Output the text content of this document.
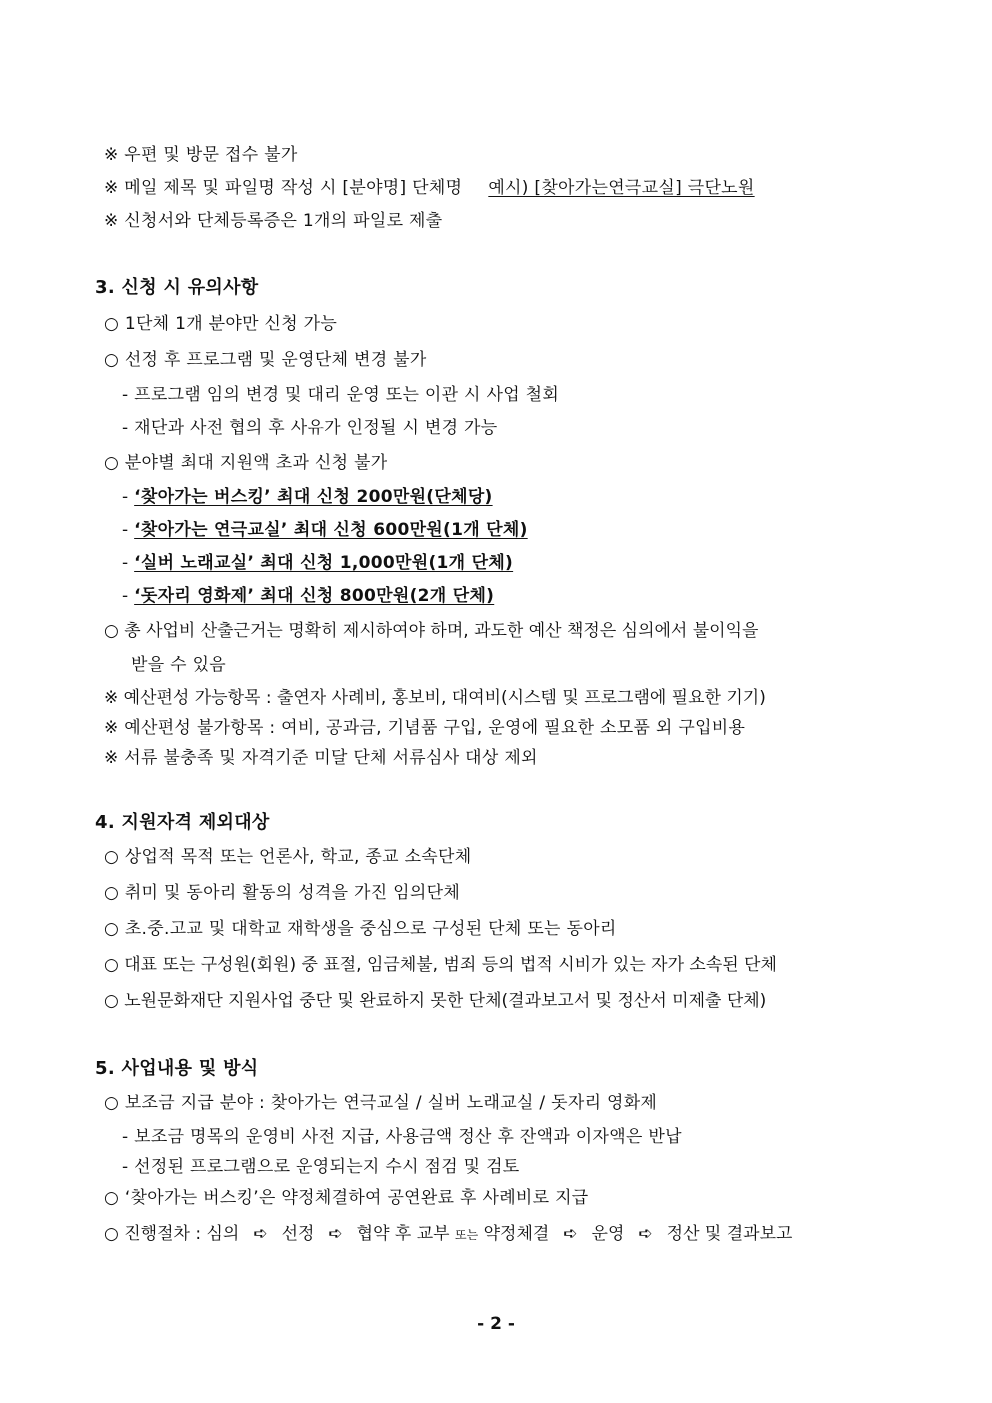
※ 우편 및 방문 접수 불가
※ 메일 제목 및 파일명 작성 시 [분야명] 단체명 예시) [찾아가는연극교실] 극단노원
※ 신청서와 단체등록증은 1개의 파일로 제출
3. 신청 시 유의사항
○ 1단체 1개 분야만 신청 가능
○ 선정 후 프로그램 및 운영단체 변경 불가
- 프로그램 임의 변경 및 대리 운영 또는 이관 시 사업 철회
- 재단과 사전 협의 후 사유가 인정될 시 변경 가능
○ 분야별 최대 지원액 초과 신청 불가
- ‘찾아가는 버스킹’ 최대 신청 200만원(단체당)
- ‘찾아가는 연극교실’ 최대 신청 600만원(1개 단체)
- ‘실버 노래교실’ 최대 신청 1,000만원(1개 단체)
- ‘돗자리 영화제’ 최대 신청 800만원(2개 단체)
○ 총 사업비 산출근거는 명확히 제시하여야 하며, 과도한 예산 책정은 심의에서 불이익을
받을 수 있음
※ 예산편성 가능항목 : 출연자 사례비, 홍보비, 대여비(시스템 및 프로그램에 필요한 기기)
※ 예산편성 불가항목 : 여비, 공과금, 기념품 구입, 운영에 필요한 소모품 외 구입비용
※ 서류 불충족 및 자격기준 미달 단체 서류심사 대상 제외
4. 지원자격 제외대상
○ 상업적 목적 또는 언론사, 학교, 종교 소속단체
○ 취미 및 동아리 활동의 성격을 가진 임의단체
○ 초.중.고교 및 대학교 재학생을 중심으로 구성된 단체 또는 동아리
○ 대표 또는 구성원(회원) 중 표절, 임금체불, 범죄 등의 법적 시비가 있는 자가 소속된 단체
○ 노원문화재단 지원사업 중단 및 완료하지 못한 단체(결과보고서 및 정산서 미제출 단체)
5. 사업내용 및 방식
○ 보조금 지급 분야 : 찾아가는 연극교실 / 실버 노래교실 / 돗자리 영화제
- 보조금 명목의 운영비 사전 지급, 사용금액 정산 후 잔액과 이자액은 반납
- 선정된 프로그램으로 운영되는지 수시 점검 및 검토
○ ‘찾아가는 버스킹’은 약정체결하여 공연완료 후 사례비로 지급
○ 진행절차 : 심의 ➪ 선정 ➪ 협약 후 교부 또는 약정체결 ➪ 운영 ➪ 정산 및 결과보고
- 2 -
